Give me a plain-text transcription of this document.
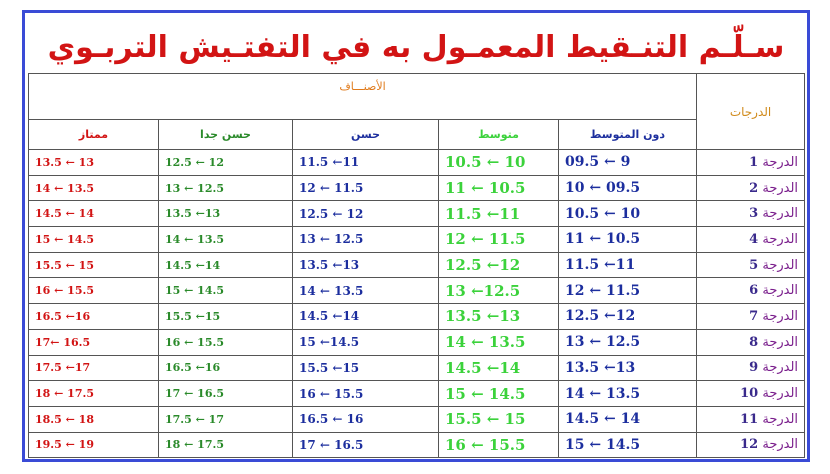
سـلّـم التنـقيط المعمـول به في التفتـيش التربـوي
الأصنـــاف					الدرجات
ممتاز	حسن جدا	حسن	متوسط	دون المتوسط	
13.5 ← 13	12.5 ← 12	11.5 ←11	10.5 ← 10	09.5 ← 9	الدرجة 1
14 ← 13.5	13 ← 12.5	12 ← 11.5	11 ← 10.5	10 ← 09.5	الدرجة 2
14.5 ← 14	13.5 ←13	12.5 ← 12	11.5 ←11	10.5 ← 10	الدرجة 3
15 ← 14.5	14 ← 13.5	13 ← 12.5	12 ← 11.5	11 ← 10.5	الدرجة 4
15.5 ← 15	14.5 ←14	13.5 ←13	12.5 ←12	11.5 ←11	الدرجة 5
16 ← 15.5	15 ← 14.5	14 ← 13.5	13 ←12.5	12 ← 11.5	الدرجة 6
16.5 ←16	15.5 ←15	14.5 ←14	13.5 ←13	12.5 ←12	الدرجة 7
17← 16.5	16 ← 15.5	15 ←14.5	14 ← 13.5	13 ← 12.5	الدرجة 8
17.5 ←17	16.5 ←16	15.5 ←15	14.5 ←14	13.5 ←13	الدرجة 9
18 ← 17.5	17 ← 16.5	16 ← 15.5	15 ← 14.5	14 ← 13.5	الدرجة 10
18.5 ← 18	17.5 ← 17	16.5 ← 16	15.5 ← 15	14.5 ← 14	الدرجة 11
19.5 ← 19	18 ← 17.5	17 ← 16.5	16 ← 15.5	15 ← 14.5	الدرجة 12
